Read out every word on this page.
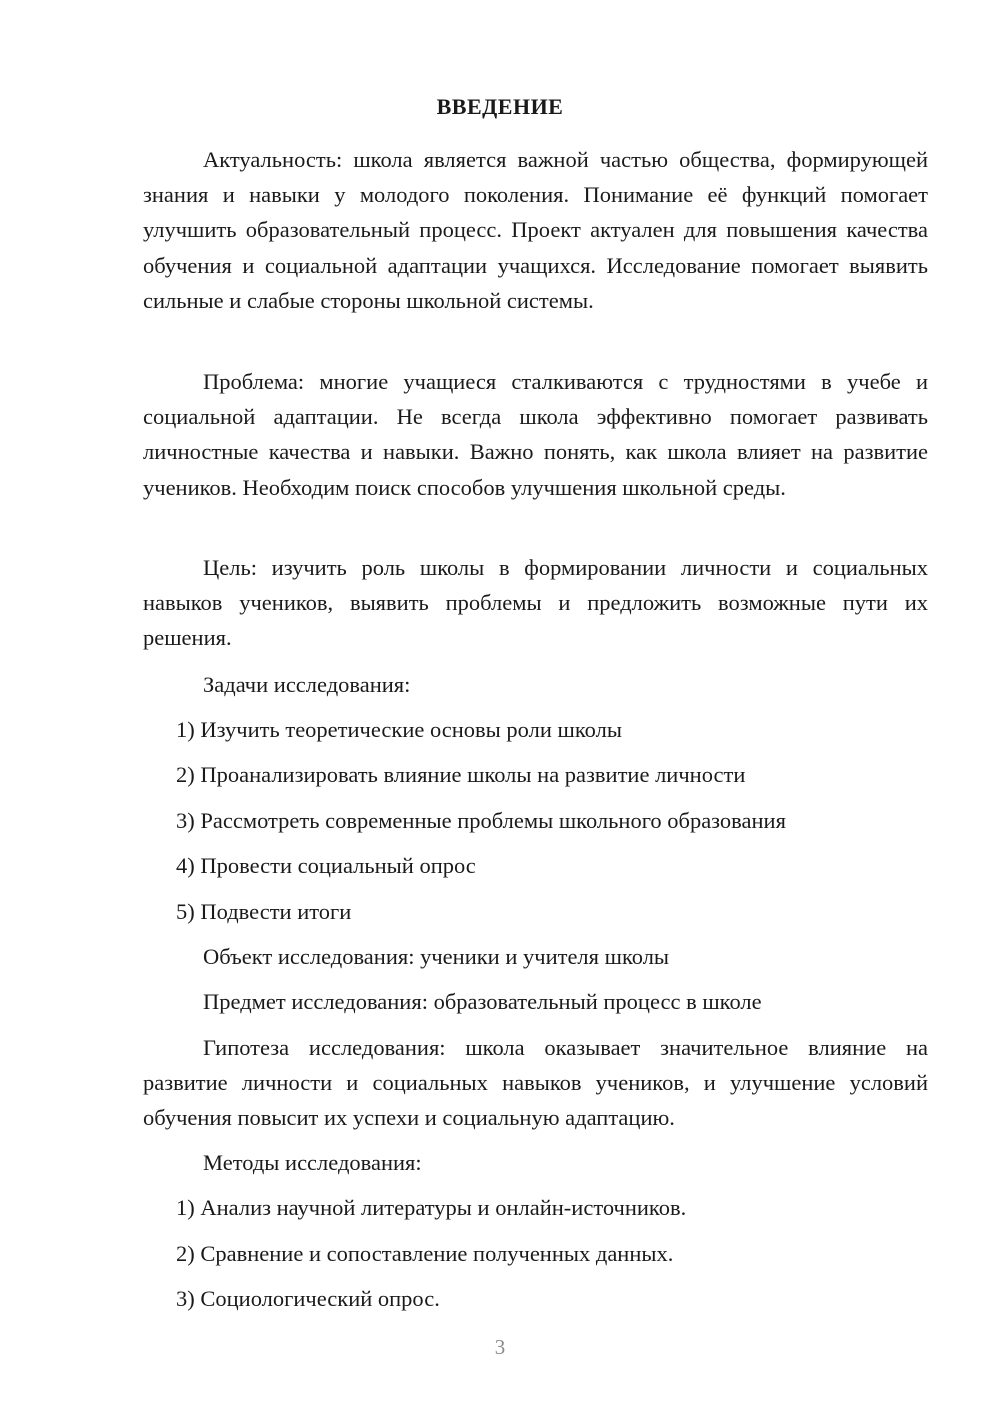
ВВЕДЕНИЕ

Актуальность: школа является важной частью общества, формирующей знания и навыки у молодого поколения. Понимание её функций помогает улучшить образовательный процесс. Проект актуален для повышения качества обучения и социальной адаптации учащихся. Исследование помогает выявить сильные и слабые стороны школьной системы.

Проблема: многие учащиеся сталкиваются с трудностями в учебе и социальной адаптации. Не всегда школа эффективно помогает развивать личностные качества и навыки. Важно понять, как школа влияет на развитие учеников. Необходим поиск способов улучшения школьной среды.

Цель: изучить роль школы в формировании личности и социальных навыков учеников, выявить проблемы и предложить возможные пути их решения.

Задачи исследования:

1) Изучить теоретические основы роли школы

2) Проанализировать влияние школы на развитие личности

3) Рассмотреть современные проблемы школьного образования

4) Провести социальный опрос

5) Подвести итоги

Объект исследования: ученики и учителя школы

Предмет исследования: образовательный процесс в школе

Гипотеза исследования: школа оказывает значительное влияние на развитие личности и социальных навыков учеников, и улучшение условий обучения повысит их успехи и социальную адаптацию.

Методы исследования:

1) Анализ научной литературы и онлайн-источников.

2) Сравнение и сопоставление полученных данных.

3) Социологический опрос.

3
